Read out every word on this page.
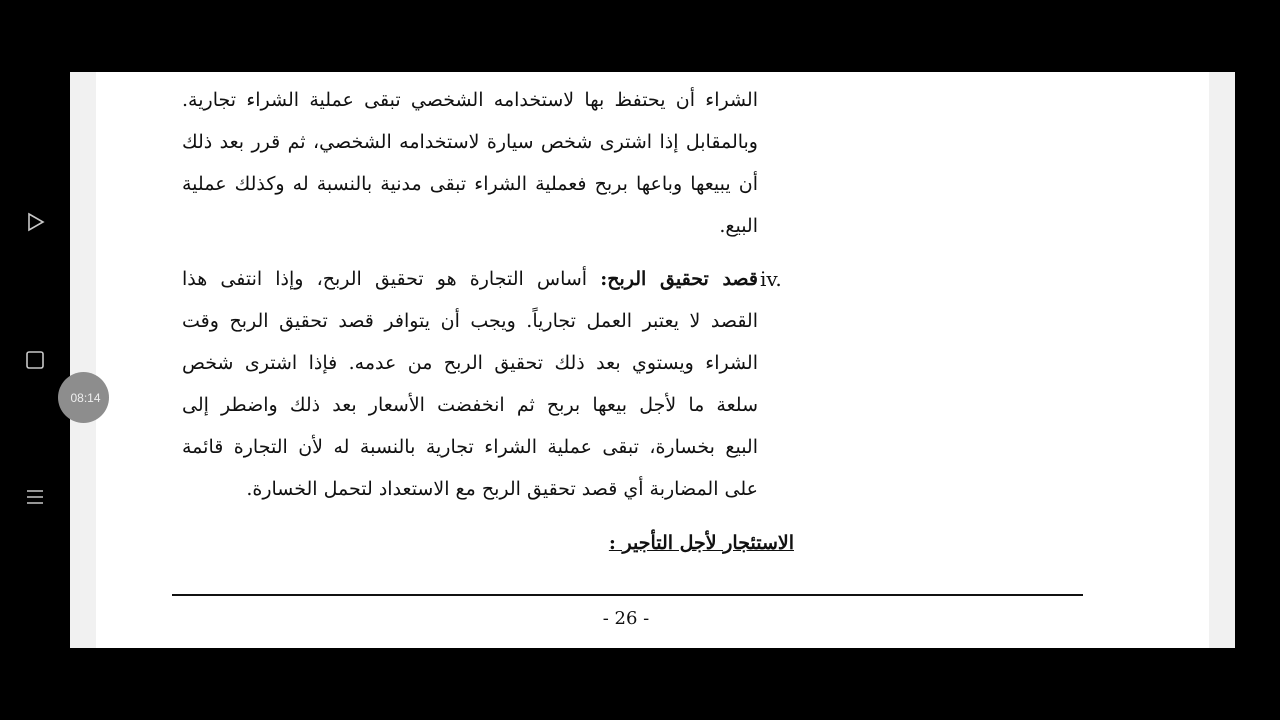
الشراء أن يحتفظ بها لاستخدامه الشخصي تبقى عملية الشراء تجارية.
وبالمقابل إذا اشترى شخص سيارة لاستخدامه الشخصي، ثم قرر بعد ذلك
أن يبيعها وباعها بربح فعملية الشراء تبقى مدنية بالنسبة له وكذلك عملية
البيع.
iv.
قصد تحقيق الربح: أساس التجارة هو تحقيق الربح، وإذا انتفى هذا
القصد لا يعتبر العمل تجارياً. ويجب أن يتوافر قصد تحقيق الربح وقت
الشراء ويستوي بعد ذلك تحقيق الربح من عدمه. فإذا اشترى شخص
سلعة ما لأجل بيعها بربح ثم انخفضت الأسعار بعد ذلك واضطر إلى
البيع بخسارة، تبقى عملية الشراء تجارية بالنسبة له لأن التجارة قائمة
على المضاربة أي قصد تحقيق الربح مع الاستعداد لتحمل الخسارة.
الاستئجار لأجل التأجير :
- 26 -
08:14
